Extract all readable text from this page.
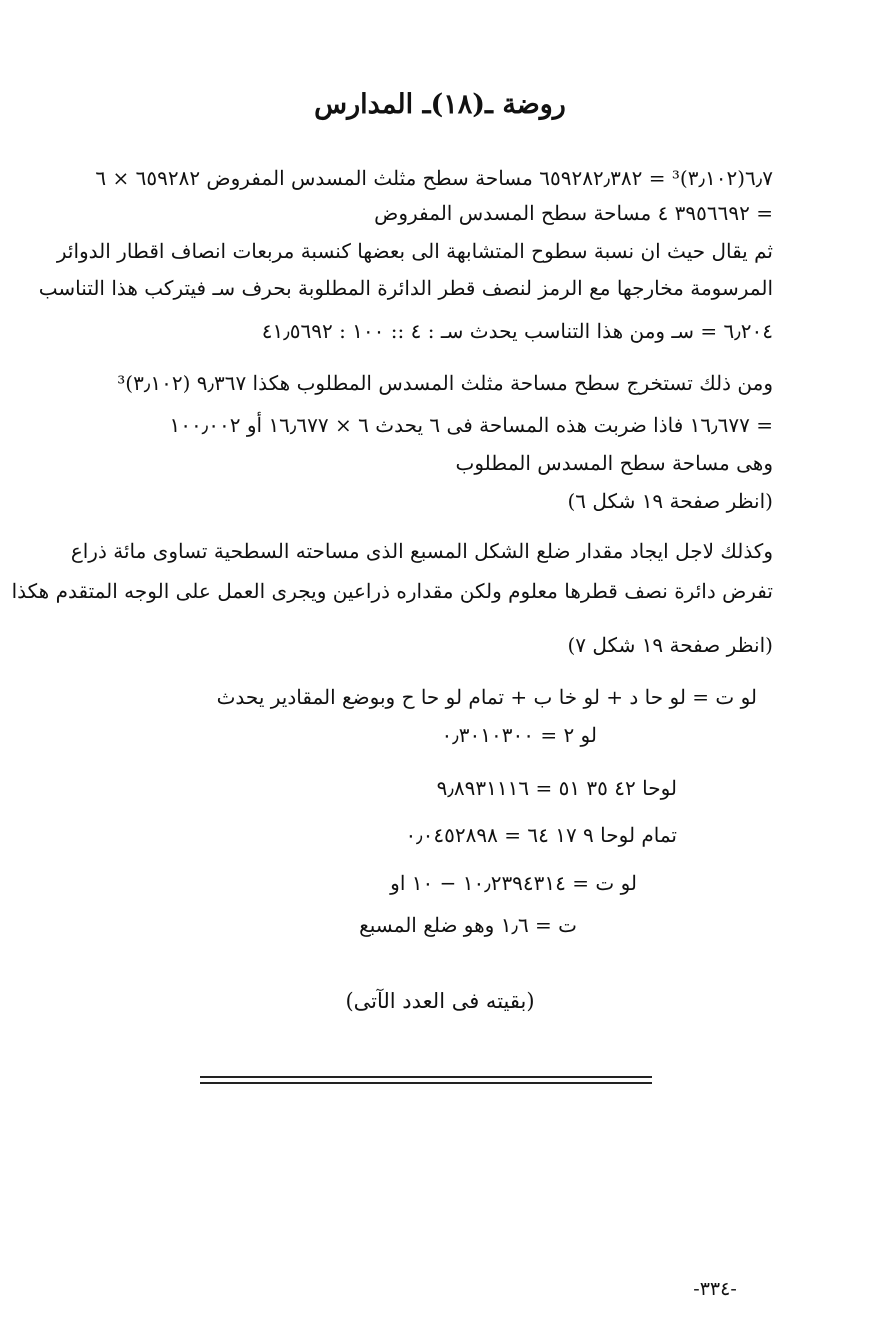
روضة ـ(١٨)ـ المدارس
٦٫٧(٣٫١٠٢)³ = ٦٥٩٢٨٢٫٣٨٢ مساحة سطح مثلث المسدس المفروض ٦٥٩٢٨٢ × ٦
= ٣٩٥٦٦٩٢ ٤ مساحة سطح المسدس المفروض
ثم يقال حيث ان نسبة سطوح المتشابهة الى بعضها كنسبة مربعات انصاف اقطار الدوائر
المرسومة مخارجها مع الرمز لنصف قطر الدائرة المطلوبة بحرف سـ فيتركب هذا التناسب
٦٫٢٠٤ = سـ ومن هذا التناسب يحدث سـ : ٤ :: ١٠٠ : ٤١٫٥٦٩٢
ومن ذلك تستخرج سطح مساحة مثلث المسدس المطلوب هكذا ٩٫٣٦٧ (٣٫١٠٢)³
= ١٦٫٦٧٧ فاذا ضربت هذه المساحة فى ٦ يحدث ٦ × ١٦٫٦٧٧ أو ١٠٠٫٠٠٢
وهى مساحة سطح المسدس المطلوب
(انظر صفحة ١٩ شكل ٦)
وكذلك لاجل ايجاد مقدار ضلع الشكل المسبع الذى مساحته السطحية تساوى مائة ذراع
تفرض دائرة نصف قطرها معلوم ولكن مقداره ذراعين ويجرى العمل على الوجه المتقدم هكذا
(انظر صفحة ١٩ شكل ٧)
لو ت = لو حا د + لو خا ب + تمام لو حا ح وبوضع المقادير يحدث
لو ٢ = ٠٫٣٠١٠٣٠٠
لوحا ٤٢ ٣٥ ٥١ = ٩٫٨٩٣١١١٦
تمام لوحا ٩ ١٧ ٦٤ = ٠٫٠٤٥٢٨٩٨
لو ت = ١٠٫٢٣٩٤٣١٤ − ١٠ او
ت = ١٫٦ وهو ضلع المسبع
(بقيته فى العدد الآتى)
-٣٣٤-
